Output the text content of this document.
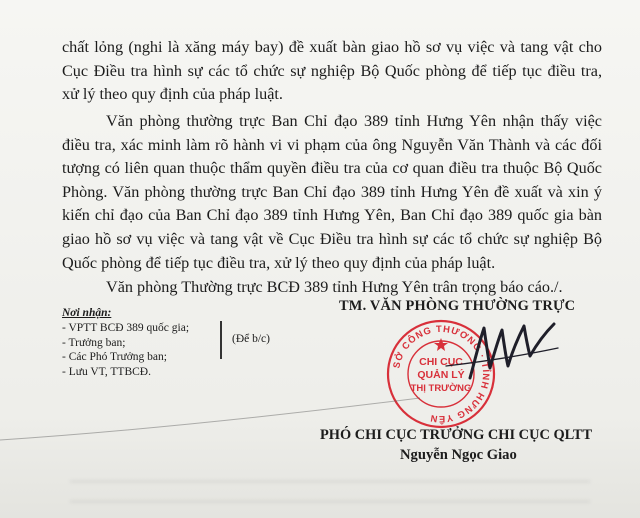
chất lỏng (nghi là xăng máy bay) đề xuất bàn giao hồ sơ vụ việc và tang vật cho
Cục Điều tra hình sự các tổ chức sự nghiệp Bộ Quốc phòng để tiếp tục điều tra,
xử lý theo quy định của pháp luật.

Văn phòng thường trực Ban Chỉ đạo 389 tỉnh Hưng Yên nhận thấy việc
điều tra, xác minh làm rõ hành vi vi phạm của ông Nguyễn Văn Thành và các đối
tượng có liên quan thuộc thẩm quyền điều tra của cơ quan điều tra thuộc Bộ Quốc
Phòng. Văn phòng thường trực Ban Chỉ đạo 389 tỉnh Hưng Yên đề xuất và xin ý
kiến chỉ đạo của Ban Chỉ đạo 389 tỉnh Hưng Yên, Ban Chỉ đạo 389 quốc gia bàn
giao hồ sơ vụ việc và tang vật về Cục Điều tra hình sự các tổ chức sự nghiệp Bộ
Quốc phòng để tiếp tục điều tra, xử lý theo quy định của pháp luật.

Văn phòng Thường trực BCĐ 389 tỉnh Hưng Yên trân trọng báo cáo./.

Nơi nhận:
- VPTT BCĐ 389 quốc gia;
- Trưởng ban;
- Các Phó Trưởng ban;
- Lưu VT, TTBCĐ.
(Để b/c)
TM. VĂN PHÒNG THƯỜNG TRỰC
SỞ CÔNG THƯƠNG · TỈNH HƯNG YÊN
CHI CỤC
QUẢN LÝ
THỊ TRƯỜNG
PHÓ CHI CỤC TRƯỞNG CHI CỤC QLTT
Nguyễn Ngọc Giao
